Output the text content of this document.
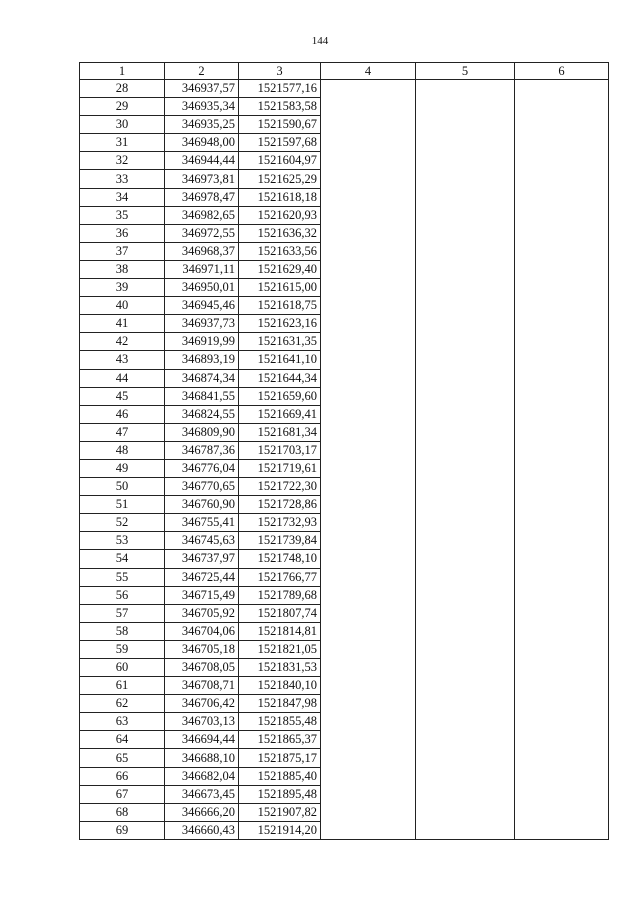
144
1	2	3	4	5	6
28	346937,57	1521577,16			
29	346935,34	1521583,58			
30	346935,25	1521590,67			
31	346948,00	1521597,68			
32	346944,44	1521604,97			
33	346973,81	1521625,29			
34	346978,47	1521618,18			
35	346982,65	1521620,93			
36	346972,55	1521636,32			
37	346968,37	1521633,56			
38	346971,11	1521629,40			
39	346950,01	1521615,00			
40	346945,46	1521618,75			
41	346937,73	1521623,16			
42	346919,99	1521631,35			
43	346893,19	1521641,10			
44	346874,34	1521644,34			
45	346841,55	1521659,60			
46	346824,55	1521669,41			
47	346809,90	1521681,34			
48	346787,36	1521703,17			
49	346776,04	1521719,61			
50	346770,65	1521722,30			
51	346760,90	1521728,86			
52	346755,41	1521732,93			
53	346745,63	1521739,84			
54	346737,97	1521748,10			
55	346725,44	1521766,77			
56	346715,49	1521789,68			
57	346705,92	1521807,74			
58	346704,06	1521814,81			
59	346705,18	1521821,05			
60	346708,05	1521831,53			
61	346708,71	1521840,10			
62	346706,42	1521847,98			
63	346703,13	1521855,48			
64	346694,44	1521865,37			
65	346688,10	1521875,17			
66	346682,04	1521885,40			
67	346673,45	1521895,48			
68	346666,20	1521907,82			
69	346660,43	1521914,20			
